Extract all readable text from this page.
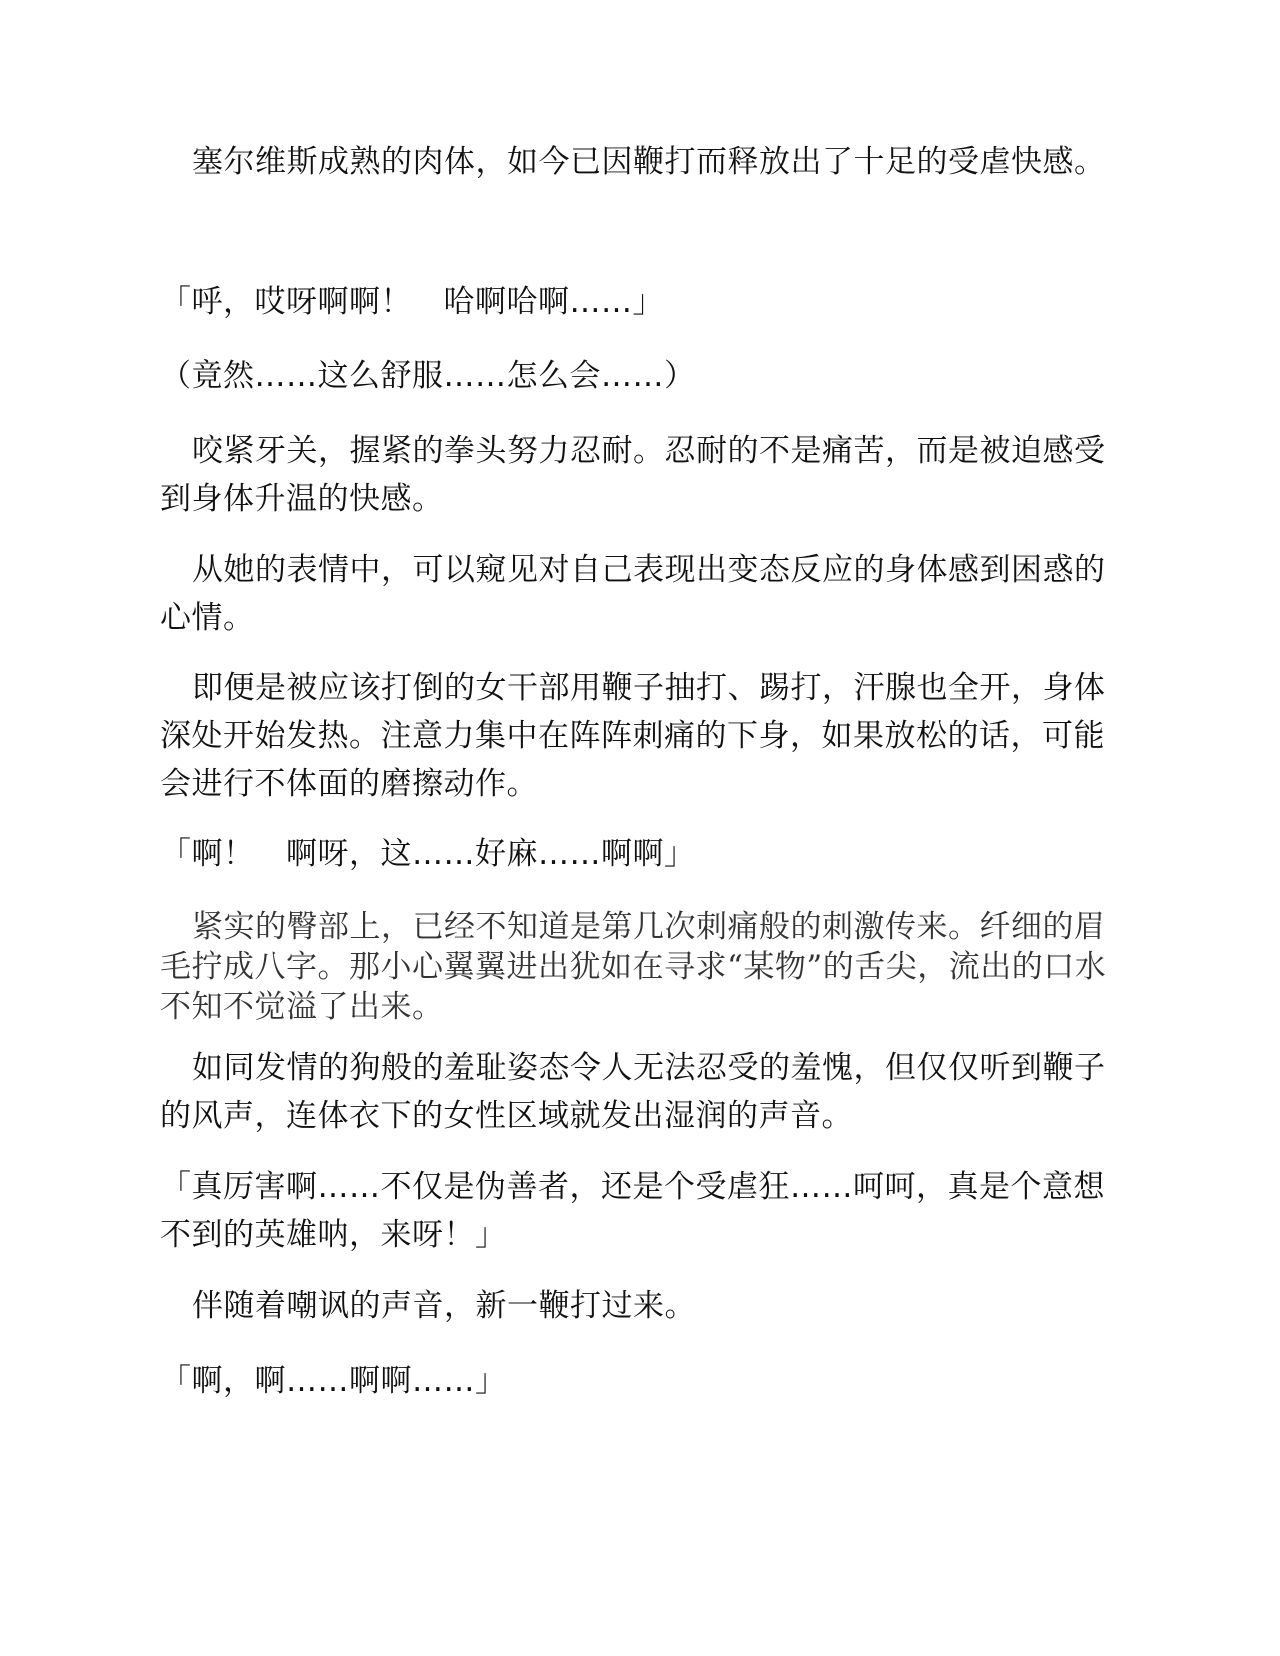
塞尔维斯成熟的肉体，如今已因鞭打而释放出了十足的受虐快感。

「呼，哎呀啊啊！　哈啊哈啊……」

（竟然……这么舒服……怎么会……）

咬紧牙关，握紧的拳头努力忍耐。忍耐的不是痛苦，而是被迫感受到身体升温的快感。

从她的表情中，可以窥见对自己表现出变态反应的身体感到困惑的心情。

即便是被应该打倒的女干部用鞭子抽打、踢打，汗腺也全开，身体深处开始发热。注意力集中在阵阵刺痛的下身，如果放松的话，可能会进行不体面的磨擦动作。

「啊！　啊呀，这……好麻……啊啊」

紧实的臀部上，已经不知道是第几次刺痛般的刺激传来。纤细的眉毛拧成八字。那小心翼翼进出犹如在寻求“某物”的舌尖，流出的口水不知不觉溢了出来。

如同发情的狗般的羞耻姿态令人无法忍受的羞愧，但仅仅听到鞭子的风声，连体衣下的女性区域就发出湿润的声音。

「真厉害啊……不仅是伪善者，还是个受虐狂……呵呵，真是个意想不到的英雄呐，来呀！」

伴随着嘲讽的声音，新一鞭打过来。

「啊，啊……啊啊……」
